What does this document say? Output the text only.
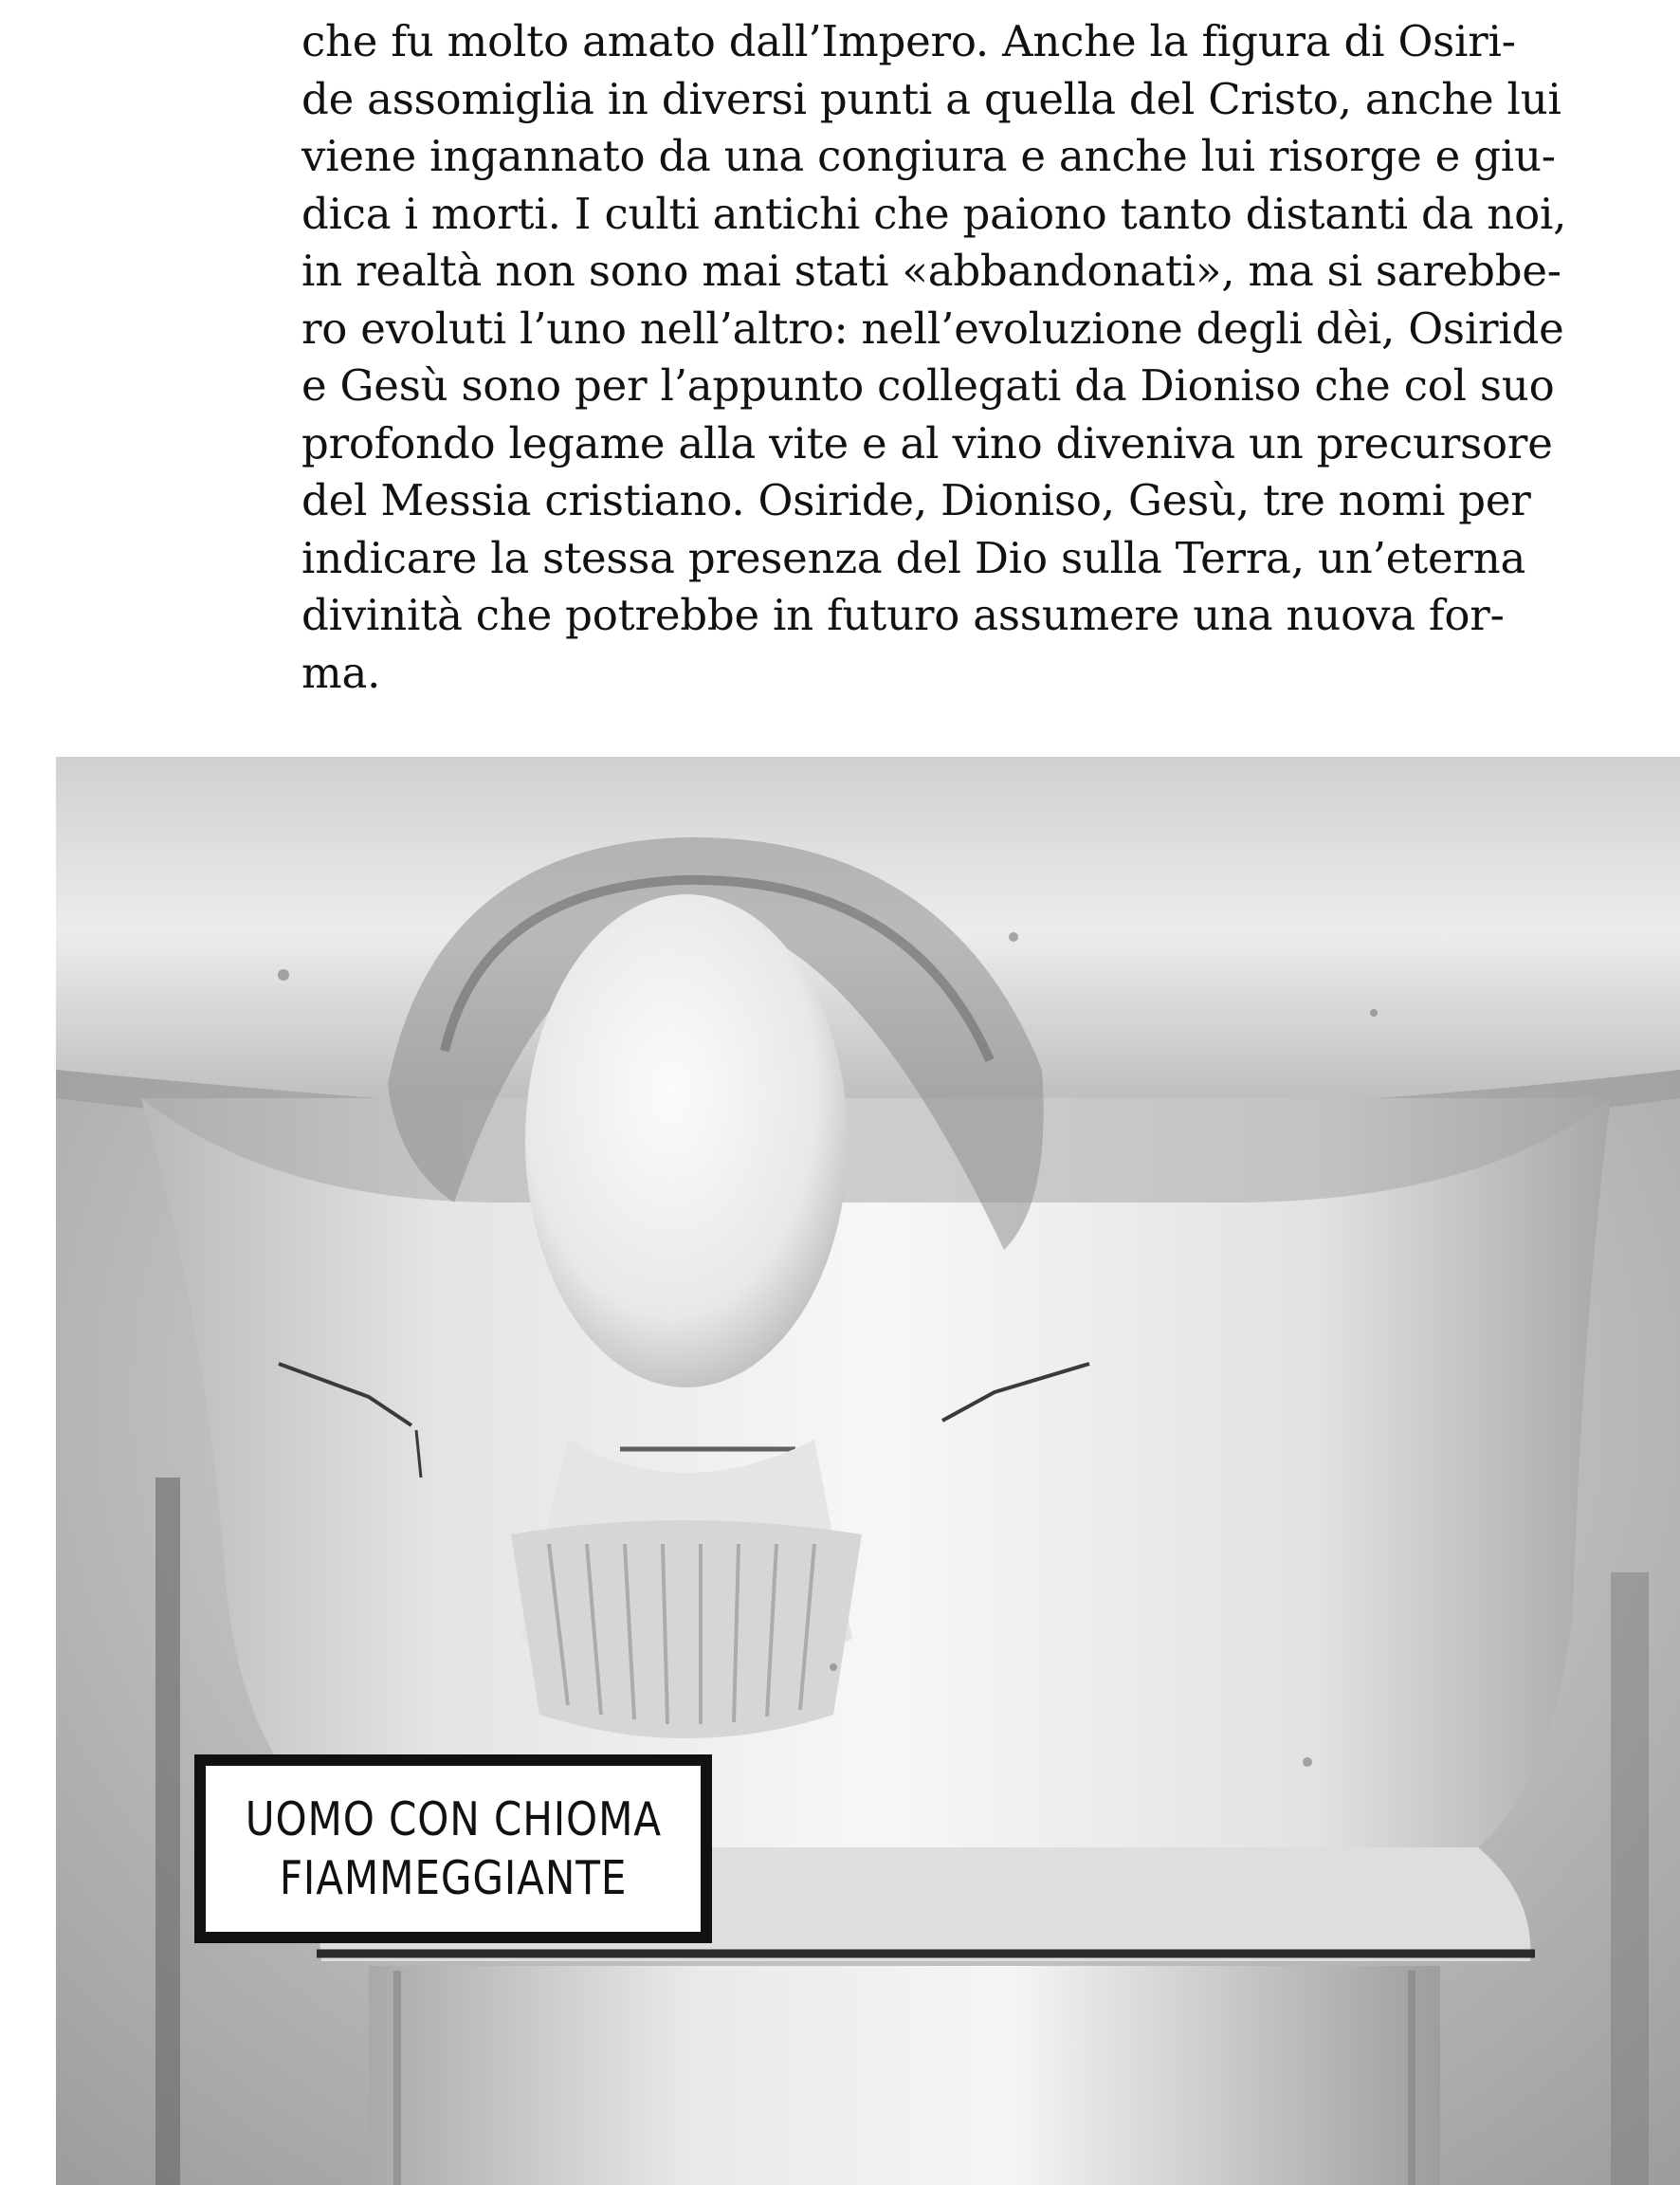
che fu molto amato dall’Impero. Anche la figura di Osiri-
de assomiglia in diversi punti a quella del Cristo, anche lui
viene ingannato da una congiura e anche lui risorge e giu-
dica i morti. I culti antichi che paiono tanto distanti da noi,
in realtà non sono mai stati «abbandonati», ma si sarebbe-
ro evoluti l’uno nell’altro: nell’evoluzione degli dèi, Osiride
e Gesù sono per l’appunto collegati da Dioniso che col suo
profondo legame alla vite e al vino diveniva un precursore
del Messia cristiano. Osiride, Dioniso, Gesù, tre nomi per
indicare la stessa presenza del Dio sulla Terra, un’eterna
divinità che potrebbe in futuro assumere una nuova for-
ma.
UOMO CON CHIOMA
FIAMMEGGIANTE
